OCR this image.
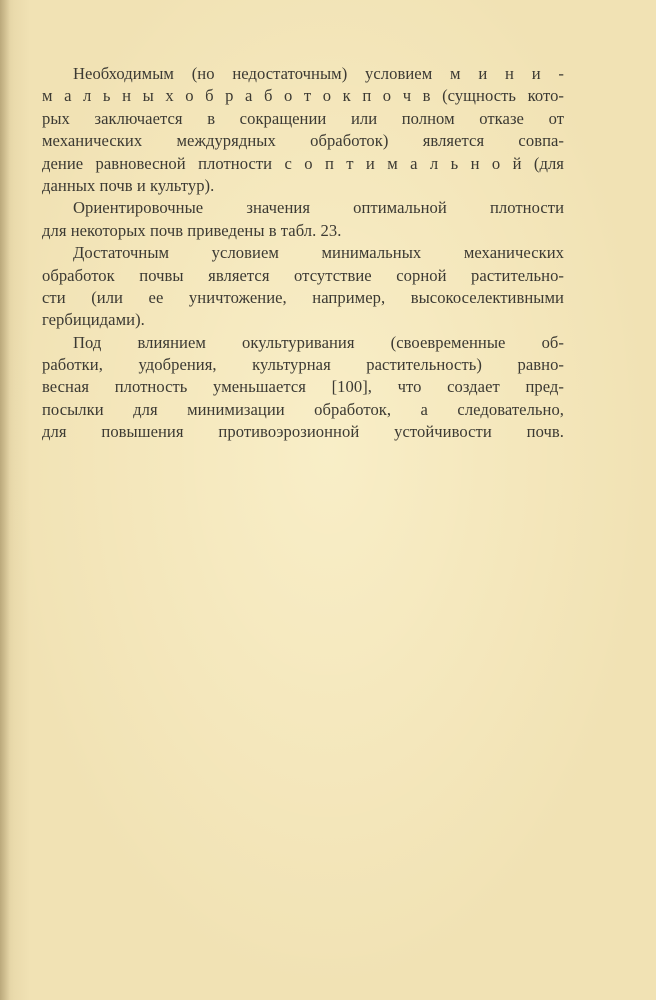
Необходимым (но недостаточным) условием м и н и -
м а л ь н ы х о б р а б о т о к п о ч в (сущность кото-
рых заключается в сокращении или полном отказе от
механических междурядных обработок) является совпа-
дение равновесной плотности с о п т и м а л ь н о й (для
данных почв и культур).
Ориентировочные значения оптимальной плотности
для некоторых почв приведены в табл. 23.
Достаточным условием минимальных механических
обработок почвы является отсутствие сорной растительно-
сти (или ее уничтожение, например, высокоселективными
гербицидами).
Под влиянием окультуривания (своевременные об-
работки, удобрения, культурная растительность) равно-
весная плотность уменьшается [100], что создает пред-
посылки для минимизации обработок, а следовательно,
для повышения противоэрозионной устойчивости почв.
